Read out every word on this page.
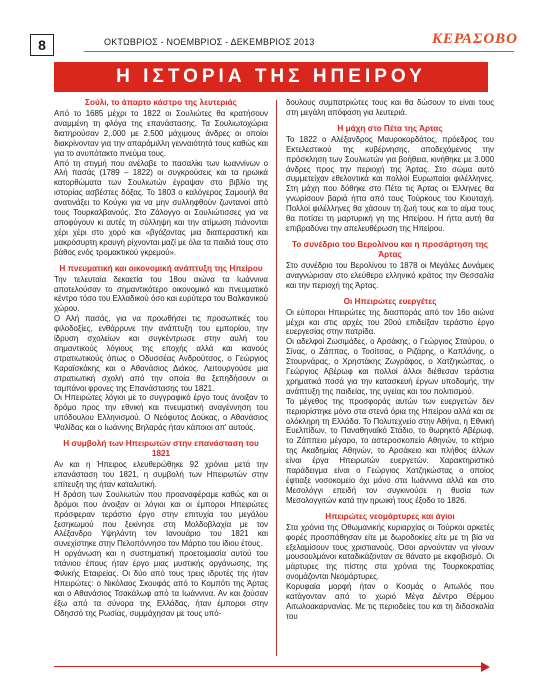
8	ΟΚΤΩΒΡΙΟΣ - ΝΟΕΜΒΡΙΟΣ - ΔΕΚΕΜΒΡΙΟΣ 2013	ΚΕΡΑΣΟΒΟ
Η ΙΣΤΟΡΙΑ ΤΗΣ ΗΠΕΙΡΟΥ
Σούλι, το άπαρτο κάστρο της λευτεριάς

Από το 1685 μέχρι το 1822 οι Σουλιώτες θα κρατήσουν αναμμένη τη φλόγα της επανάστασης. Τα Σουλιωτοχώρια διατηρούσαν 2,.000 με 2.500 μάχιμους άνδρες οι οποίοι διακρίνονταν για την απαράμιλλη γενναιότητά τους καθώς και για το ανυπότακτο πνεύμα τους.

Από τη στιγμή που ανέλαβε το πασαλίκι των Ιωαννίνων ο Αλή πασάς (1789 – 1822) οι συγκρούσεις και τα ηρωικά κατορθώματα των Σουλιωτών έγραψαν στο βιβλίο της ιστορίας ασβέστες δόξας. Το 1803 ο καλόγερος Σαμουήλ θα ανατινάξει το Κούγκι για να μην συλληφθούν ζωντανοί από τους Τουρκαλβανούς. Στο Ζάλογγο οι Σουλιώτισσες για να αποφύγουν κι αυτές τη σύλληψη και την ατίμωση πιάνονται χέρι χέρι στο χορό και «βγάζοντας μια διαπεραστική και μακρόσυρτη κραυγή ρίχνονται μαζί με όλα τα παιδιά τους στο βάθος ενός τρομακτικού γκρεμού».

Η πνευματική και οικονομική ανάπτυξη της Ηπείρου

Την τελευταία δεκαετία του 18ου αιώνα τα Ιωάννινα αποτελούσαν το σημαντικότερο οικονομικό και πνευματικό κέντρο τόσο του Ελλαδικού όσο και ευρύτερα του Βαλκανικού χώρου.

Ο Αλή πασάς, για να προωθήσει τις προσωπικές του φιλοδοξίες, ενθάρρυνε την ανάπτυξη του εμπορίου, την ίδρυση σχολείων και συγκέντρωσε στην αυλή του σημαντικούς λόγιους της εποχής αλλά και ικανούς στρατιωτικούς όπως ο Οδυσσέας Ανδρούτσος, ο Γεώργιος Καραϊσκάκης και ο Αθανάσιος Διάκος. Λειτουργούσε μια στρατιωτική σχολή από την οποία θα ξεπηδήσουν οι ταμπάνοι φρονες της Επανάστασης του 1821.

Οι Ηπειρώτες λόγιοι με το συγγραφικό έργο τους άνοιξαν το δρόμο προς την εθνική και πνευματική αναγέννηση του υπόδουλου Ελληνισμού. Ο Νεόφυτος Δούκας, ο Αθανάσιος Ψαλίδας και ο Ιωάννης Βηλαράς ήταν κάποιοι απ' αυτούς.

Η συμβολή των Ηπειρωτών στην επανάσταση του 1821

Αν και η Ήπειρος ελευθερώθηκε 92 χρόνια μετά την επανάσταση του 1821, η συμβολή των Ηπειρωτών στην επίτευξη της ήταν καταλυτική.

Η δράση των Σουλιωτών που προαναφέραμε καθώς και οι δρόμοι που άνοιξαν οι λόγιοι και οι έμποροι Ηπειρώτες πρόσφεραν τεράστιο έργο στην επιτυχία του μεγάλου ξεσηκωμού που ξεκίνησε στη Μολδοβλαχία με τον Αλέξανδρο Υψηλάντη τον Ιανουάριο του 1821 και συνεχίστηκε στην Πελοπόννησο τον Μάρτιο του ίδιου έτους.

Η οργάνωση και η συστηματική προετοιμασία αυτού του τιτάνιου έπους ήταν έργο μιας μυστικής οργάνωσης, της Φιλικής Εταιρείας. Οι δύο από τους τρεις ιδρυτές της ήταν Ηπειρώτες: ο Νικόλαος Σκουφάς από το Κομπότι της Άρτας και ο Αθανάσιος Τσακάλωφ από τα Ιωάννινα. Αν και ζούσαν έξω από τα σύνορα της Ελλάδας, ήταν έμποροι στην Οδησσό της Ρωσίας, συμμάχησαν με τους υπό-

δουλους συμπατριώτες τους και θα δώσουν το είναι τους στη μεγάλη απόφαση για λευτεριά.

Η μάχη στο Πέτα της Άρτας

Το 1822 ο Αλέξανδρος Μαυροκορδάτος, πρόεδρος του Εκτελεστικού της κυβέρνησης, αποδεχόμενος την πρόσκληση των Σουλιωτών για βοήθεια, κινήθηκε με 3.000 άνδρες προς την περιοχή της Άρτας. Στο σώμα αυτό συμμετείχαν εθελοντικά και πολλοί Ευρωπαίοι φιλέλληνες. Στη μάχη που δόθηκε στο Πέτα τις Άρτας οι Έλληνες θα γνωρίσουν βαριά ήττα από τους Τούρκους του Κιουταχή. Πολλοί φιλέλληνες θα χάσουν τη ζωή τους και το αίμα τους θα ποτίσει τη μαρτυρική γη της Ηπείρου. Η ήττα αυτή θα επιβραδύνει την απελευθέρωση της Ηπείρου.

Το συνέδριο του Βερολίνου και η προσάρτηση της Άρτας

Στο συνέδριο του Βερολίνου το 1878 οι Μεγάλες Δυνάμεις αναγνώρισαν στο ελεύθερο ελληνικό κράτος την Θεσσαλία και την περιοχή της Άρτας.

Οι Ηπειρώτες ευεργέτες

Οι εύποροι Ηπειρώτες της διασποράς από τον 16ο αιώνα μέχρι και στις αρχές του 20ού επιδείξαν τεράστιο έργο ευεργεσίας στην πατρίδα.

Οι αδελφοί Ζωσιμάδες, ο Αρσάκης, ο Γεώργιος Σταύρου, ο Σίνας, ο Ζάππας, ο Τοσίτσας, ο Ριζάρης, ο Καπλάνης, ο Στουρνάρας, ο Χρηστάκης Ζωγράφος, ο Χατζηκώστας, ο Γεώργιος Αβέρωφ και πολλοί άλλοι διέθεσαν τεράστια χρηματικά ποσά για την κατασκευή έργων υποδομής, την ανάπτυξη της παιδείας, της υγείας και του πολιτισμού.

Το μέγεθος της προσφοράς αυτών των ευεργετών δεν περιορίστηκε μόνο στα στενά όρια της Ηπείρου αλλά και σε ολόκληρη τη Ελλάδα. Το Πολυτεχνείο στην Αθήνα, η Εθνική Ευελπίδων, το Παναθηναϊκό Στάδιο, το θωρηκτό Αβέρωφ, το Ζάππειο μέγαρο, το αστεροσκοπείο Αθηνών, το κτήριο της Ακαδημίας Αθηνών, το Αρσάκειο και πλήθος άλλων είναι έργα Ηπειρωτών ευεργετών. Χαρακτηριστικό παράδειγμα είναι ο Γεώργιος Χατζηκώστας ο οποίος έφτιαξε νοσοκομείο όχι μόνο στα Ιωάννινα αλλά και στο Μεσολόγγι επειδή τον συγκινούσε η θυσία των Μεσολογγιτών κατά την ηρωική τους έξοδο το 1826.

Ηπειρώτες νεομάρτυρες και άγιοι

Στα χρόνια της Οθωμανικής κυριαρχίας οι Τούρκοι αρκετές φορές προσπάθησαν είτε με δωροδοκίες είτε με τη βία να εξελαμίσουν τους χριστιανούς. Όσοι αρνούνταν να γίνουν μουσουλμάνοι καταδικάζονταν σε θάνατο με εκφοβισμό. Οι μάρτυρες της πίστης στα χρόνια της Τουρκοκρατίας ονομάζονται Νεομάρτυρες.

Κορυφαία μορφή ήταν ο Κοσμάς ο Αιτωλός που κατάγονταν από το χωριό Μέγα Δέντρο Θέρμου Αιτωλοακαρνανίας. Με τις περιοδείες του και τη διδασκαλία του
